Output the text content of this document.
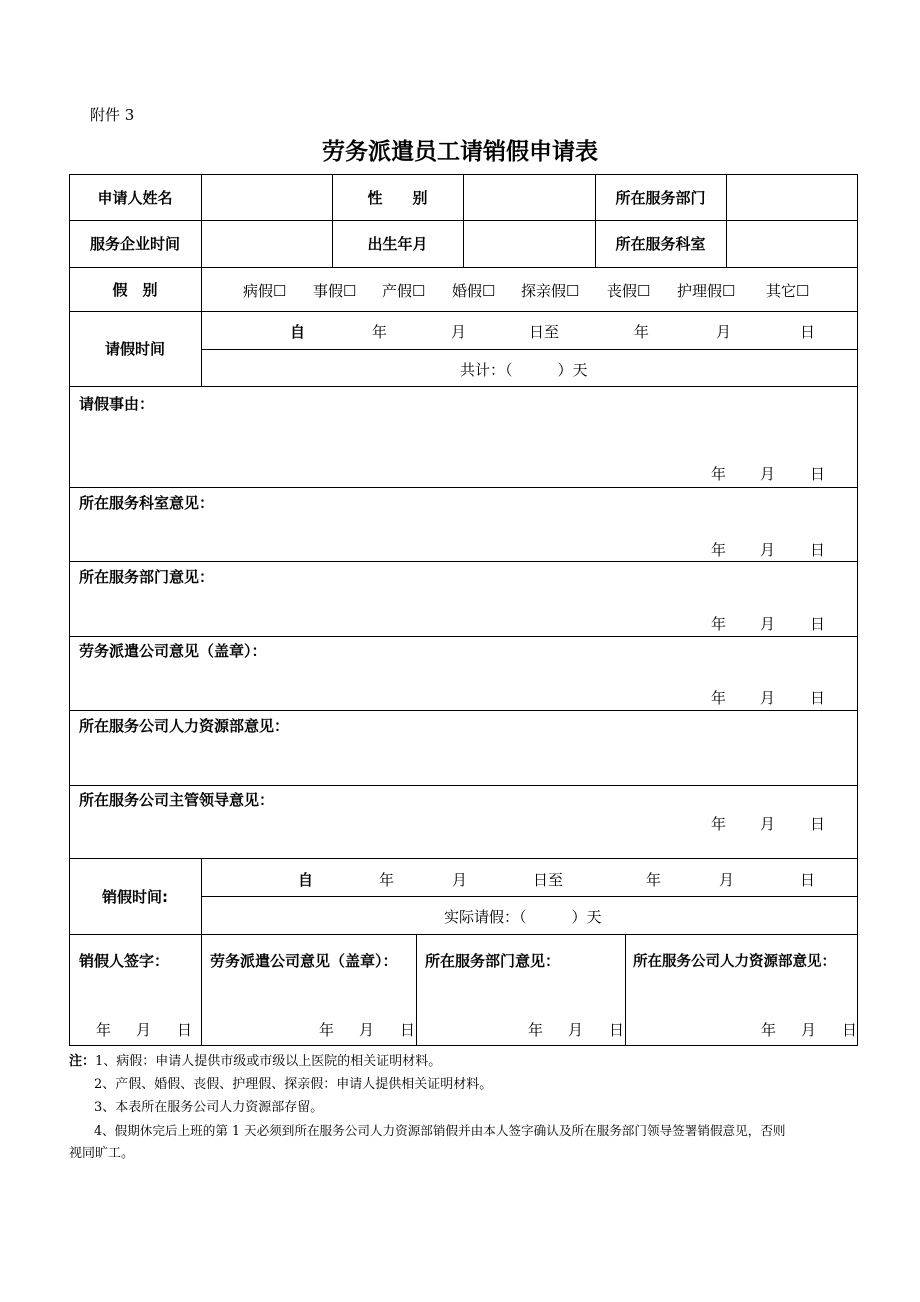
附件 3
劳务派遣员工请销假申请表
申请人姓名	性　　别	所在服务部门
服务企业时间	出生年月	所在服务科室
假　别	病假☐ 事假☐ 产假☐ 婚假☐ 探亲假☐ 丧假☐ 护理假☐ 其它☐
请假时间
自	年	月	日至	年	月	日
共计：（　　　）天
请假事由：
年 月 日
所在服务科室意见：
年 月 日
所在服务部门意见：
年 月 日
劳务派遣公司意见（盖章）：
年 月 日
所在服务公司人力资源部意见：
所在服务公司主管领导意见：
年 月 日
销假时间:
自	年	月	日至	年	月	日
实际请假：（　　　）天
销假人签字：
年 月 日
劳务派遣公司意见（盖章）：
年 月 日
所在服务部门意见：
年 月 日
所在服务公司人力资源部意见：
年 月 日
注：1、病假：申请人提供市级或市级以上医院的相关证明材料。
2、产假、婚假、丧假、护理假、探亲假：申请人提供相关证明材料。
3、本表所在服务公司人力资源部存留。
4、假期休完后上班的第 1 天必须到所在服务公司人力资源部销假并由本人签字确认及所在服务部门领导签署销假意见，否则
视同旷工。
